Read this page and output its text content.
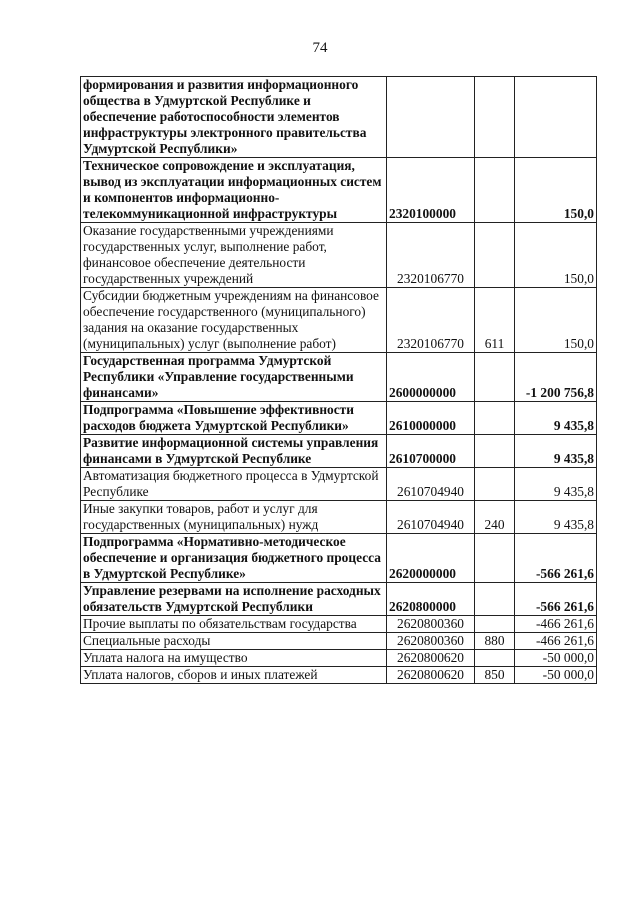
74
формирования и развития информационного общества в Удмуртской Республике и обеспечение работоспособности элементов инфраструктуры электронного правительства Удмуртской Республики»			
Техническое сопровождение и эксплуатация, вывод из эксплуатации информационных систем и компонентов информационно-телекоммуникационной инфраструктуры	2320100000		150,0
Оказание государственными учреждениями государственных услуг, выполнение работ, финансовое обеспечение деятельности государственных учреждений	2320106770		150,0
Субсидии бюджетным учреждениям на финансовое обеспечение государственного (муниципального) задания на оказание государственных (муниципальных) услуг (выполнение работ)	2320106770	611	150,0
Государственная программа Удмуртской Республики «Управление государственными финансами»	2600000000		-1 200 756,8
Подпрограмма «Повышение эффективности расходов бюджета Удмуртской Республики»	2610000000		9 435,8
Развитие информационной системы управления финансами в Удмуртской Республике	2610700000		9 435,8
Автоматизация бюджетного процесса в Удмуртской Республике	2610704940		9 435,8
Иные закупки товаров, работ и услуг для государственных (муниципальных) нужд	2610704940	240	9 435,8
Подпрограмма «Нормативно-методическое обеспечение и организация бюджетного процесса в Удмуртской Республике»	2620000000		-566 261,6
Управление резервами на исполнение расходных обязательств Удмуртской Республики	2620800000		-566 261,6
Прочие выплаты по обязательствам государства	2620800360		-466 261,6
Специальные расходы	2620800360	880	-466 261,6
Уплата налога на имущество	2620800620		-50 000,0
Уплата налогов, сборов и иных платежей	2620800620	850	-50 000,0
